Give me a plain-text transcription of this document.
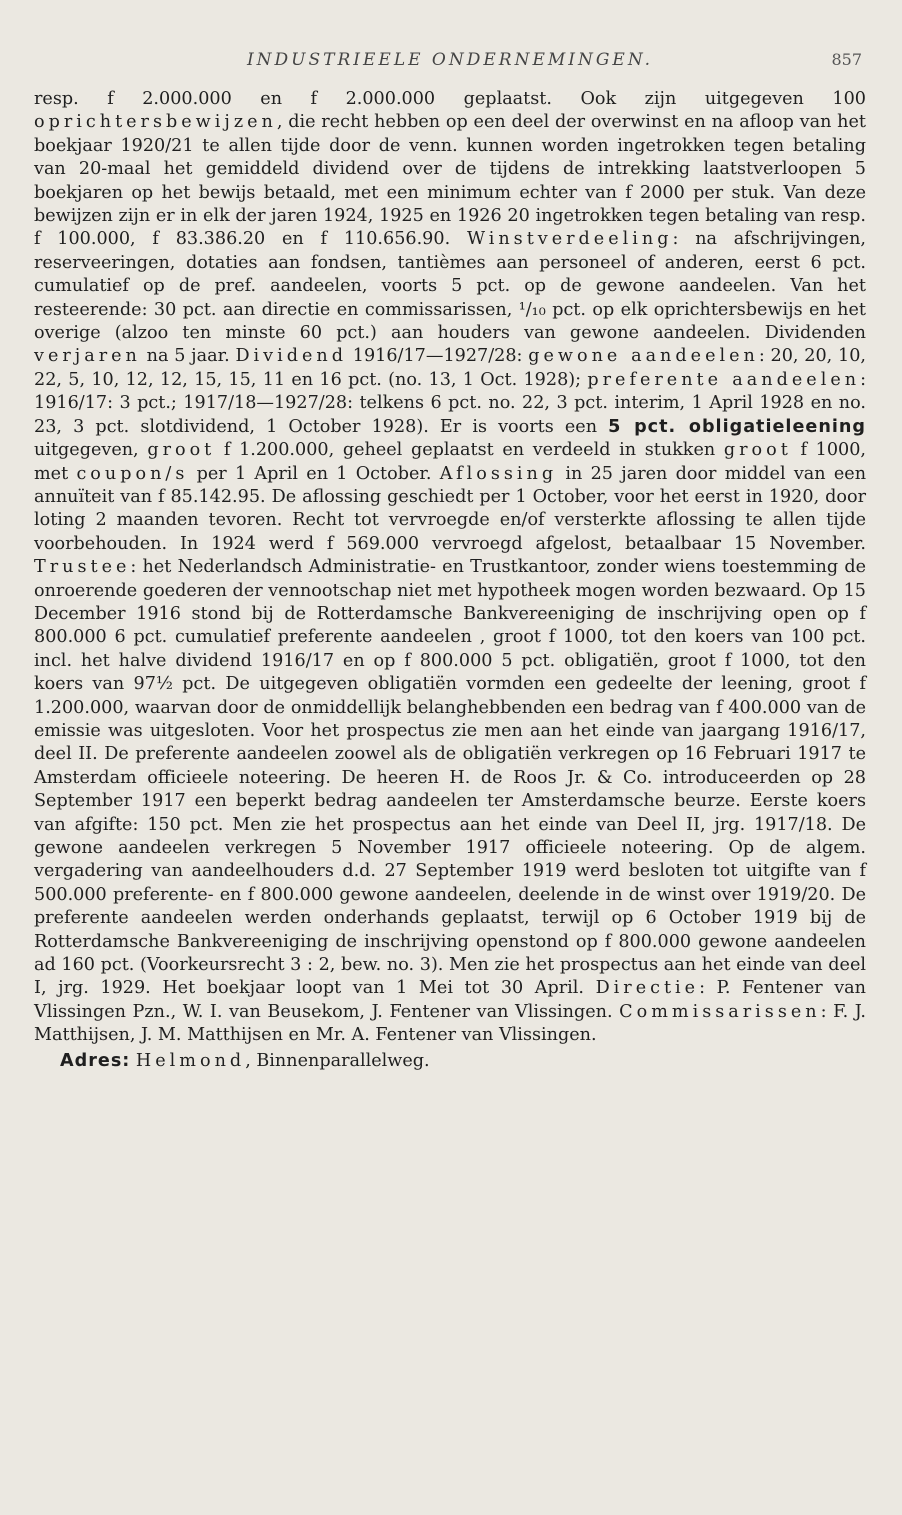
INDUSTRIEELE ONDERNEMINGEN.	857

resp. f 2.000.000 en f 2.000.000 geplaatst. Ook zijn uitgegeven 100 oprichtersbewijzen, die recht hebben op een deel der overwinst en na afloop van het boekjaar 1920/21 te allen tijde door de venn. kunnen worden ingetrokken tegen betaling van 20-maal het gemiddeld dividend over de tijdens de intrekking laatstverloopen 5 boekjaren op het bewijs betaald, met een minimum echter van f 2000 per stuk. Van deze bewijzen zijn er in elk der jaren 1924, 1925 en 1926 20 ingetrokken tegen betaling van resp. f 100.000, f 83.386.20 en f 110.656.90. Winstverdeeling: na afschrijvingen, reserveeringen, dotaties aan fondsen, tantièmes aan personeel of anderen, eerst 6 pct. cumulatief op de pref. aandeelen, voorts 5 pct. op de gewone aandeelen. Van het resteerende: 30 pct. aan directie en commissarissen, ¹/₁₀ pct. op elk oprichtersbewijs en het overige (alzoo ten minste 60 pct.) aan houders van gewone aandeelen. Dividenden verjaren na 5 jaar. Dividend 1916/17—1927/28: gewone aandeelen: 20, 20, 10, 22, 5, 10, 12, 12, 15, 15, 11 en 16 pct. (no. 13, 1 Oct. 1928); preferente aandeelen: 1916/17: 3 pct.; 1917/18—1927/28: telkens 6 pct. no. 22, 3 pct. interim, 1 April 1928 en no. 23, 3 pct. slotdividend, 1 October 1928). Er is voorts een 5 pct. obligatieleening uitgegeven, groot f 1.200.000, geheel geplaatst en verdeeld in stukken groot f 1000, met coupon/s per 1 April en 1 October. Aflossing in 25 jaren door middel van een annuïteit van f 85.142.95. De aflossing geschiedt per 1 October, voor het eerst in 1920, door loting 2 maanden tevoren. Recht tot vervroegde en/of versterkte aflossing te allen tijde voorbehouden. In 1924 werd f 569.000 vervroegd afgelost, betaalbaar 15 November. Trustee: het Nederlandsch Administratie- en Trustkantoor, zonder wiens toestemming de onroerende goederen der vennootschap niet met hypotheek mogen worden bezwaard. Op 15 December 1916 stond bij de Rotterdamsche Bankvereeniging de inschrijving open op f 800.000 6 pct. cumulatief preferente aandeelen , groot f 1000, tot den koers van 100 pct. incl. het halve dividend 1916/17 en op f 800.000 5 pct. obligatiën, groot f 1000, tot den koers van 97½ pct. De uitgegeven obligatiën vormden een gedeelte der leening, groot f 1.200.000, waarvan door de onmiddellijk belanghebbenden een bedrag van f 400.000 van de emissie was uitgesloten. Voor het prospectus zie men aan het einde van jaargang 1916/17, deel II. De preferente aandeelen zoowel als de obligatiën verkregen op 16 Februari 1917 te Amsterdam officieele noteering. De heeren H. de Roos Jr. & Co. introduceerden op 28 September 1917 een beperkt bedrag aandeelen ter Amsterdamsche beurze. Eerste koers van afgifte: 150 pct. Men zie het prospectus aan het einde van Deel II, jrg. 1917/18. De gewone aandeelen verkregen 5 November 1917 officieele noteering. Op de algem. vergadering van aandeelhouders d.d. 27 September 1919 werd besloten tot uitgifte van f 500.000 preferente- en f 800.000 gewone aandeelen, deelende in de winst over 1919/20. De preferente aandeelen werden onderhands geplaatst, terwijl op 6 October 1919 bij de Rotterdamsche Bankvereeniging de inschrijving openstond op f 800.000 gewone aandeelen ad 160 pct. (Voorkeursrecht 3 : 2, bew. no. 3). Men zie het prospectus aan het einde van deel I, jrg. 1929. Het boekjaar loopt van 1 Mei tot 30 April. Directie: P. Fentener van Vlissingen Pzn., W. I. van Beusekom, J. Fentener van Vlissingen. Commissarissen: F. J. Matthijsen, J. M. Matthijsen en Mr. A. Fentener van Vlissingen.

Adres: Helmond, Binnenparallelweg.
